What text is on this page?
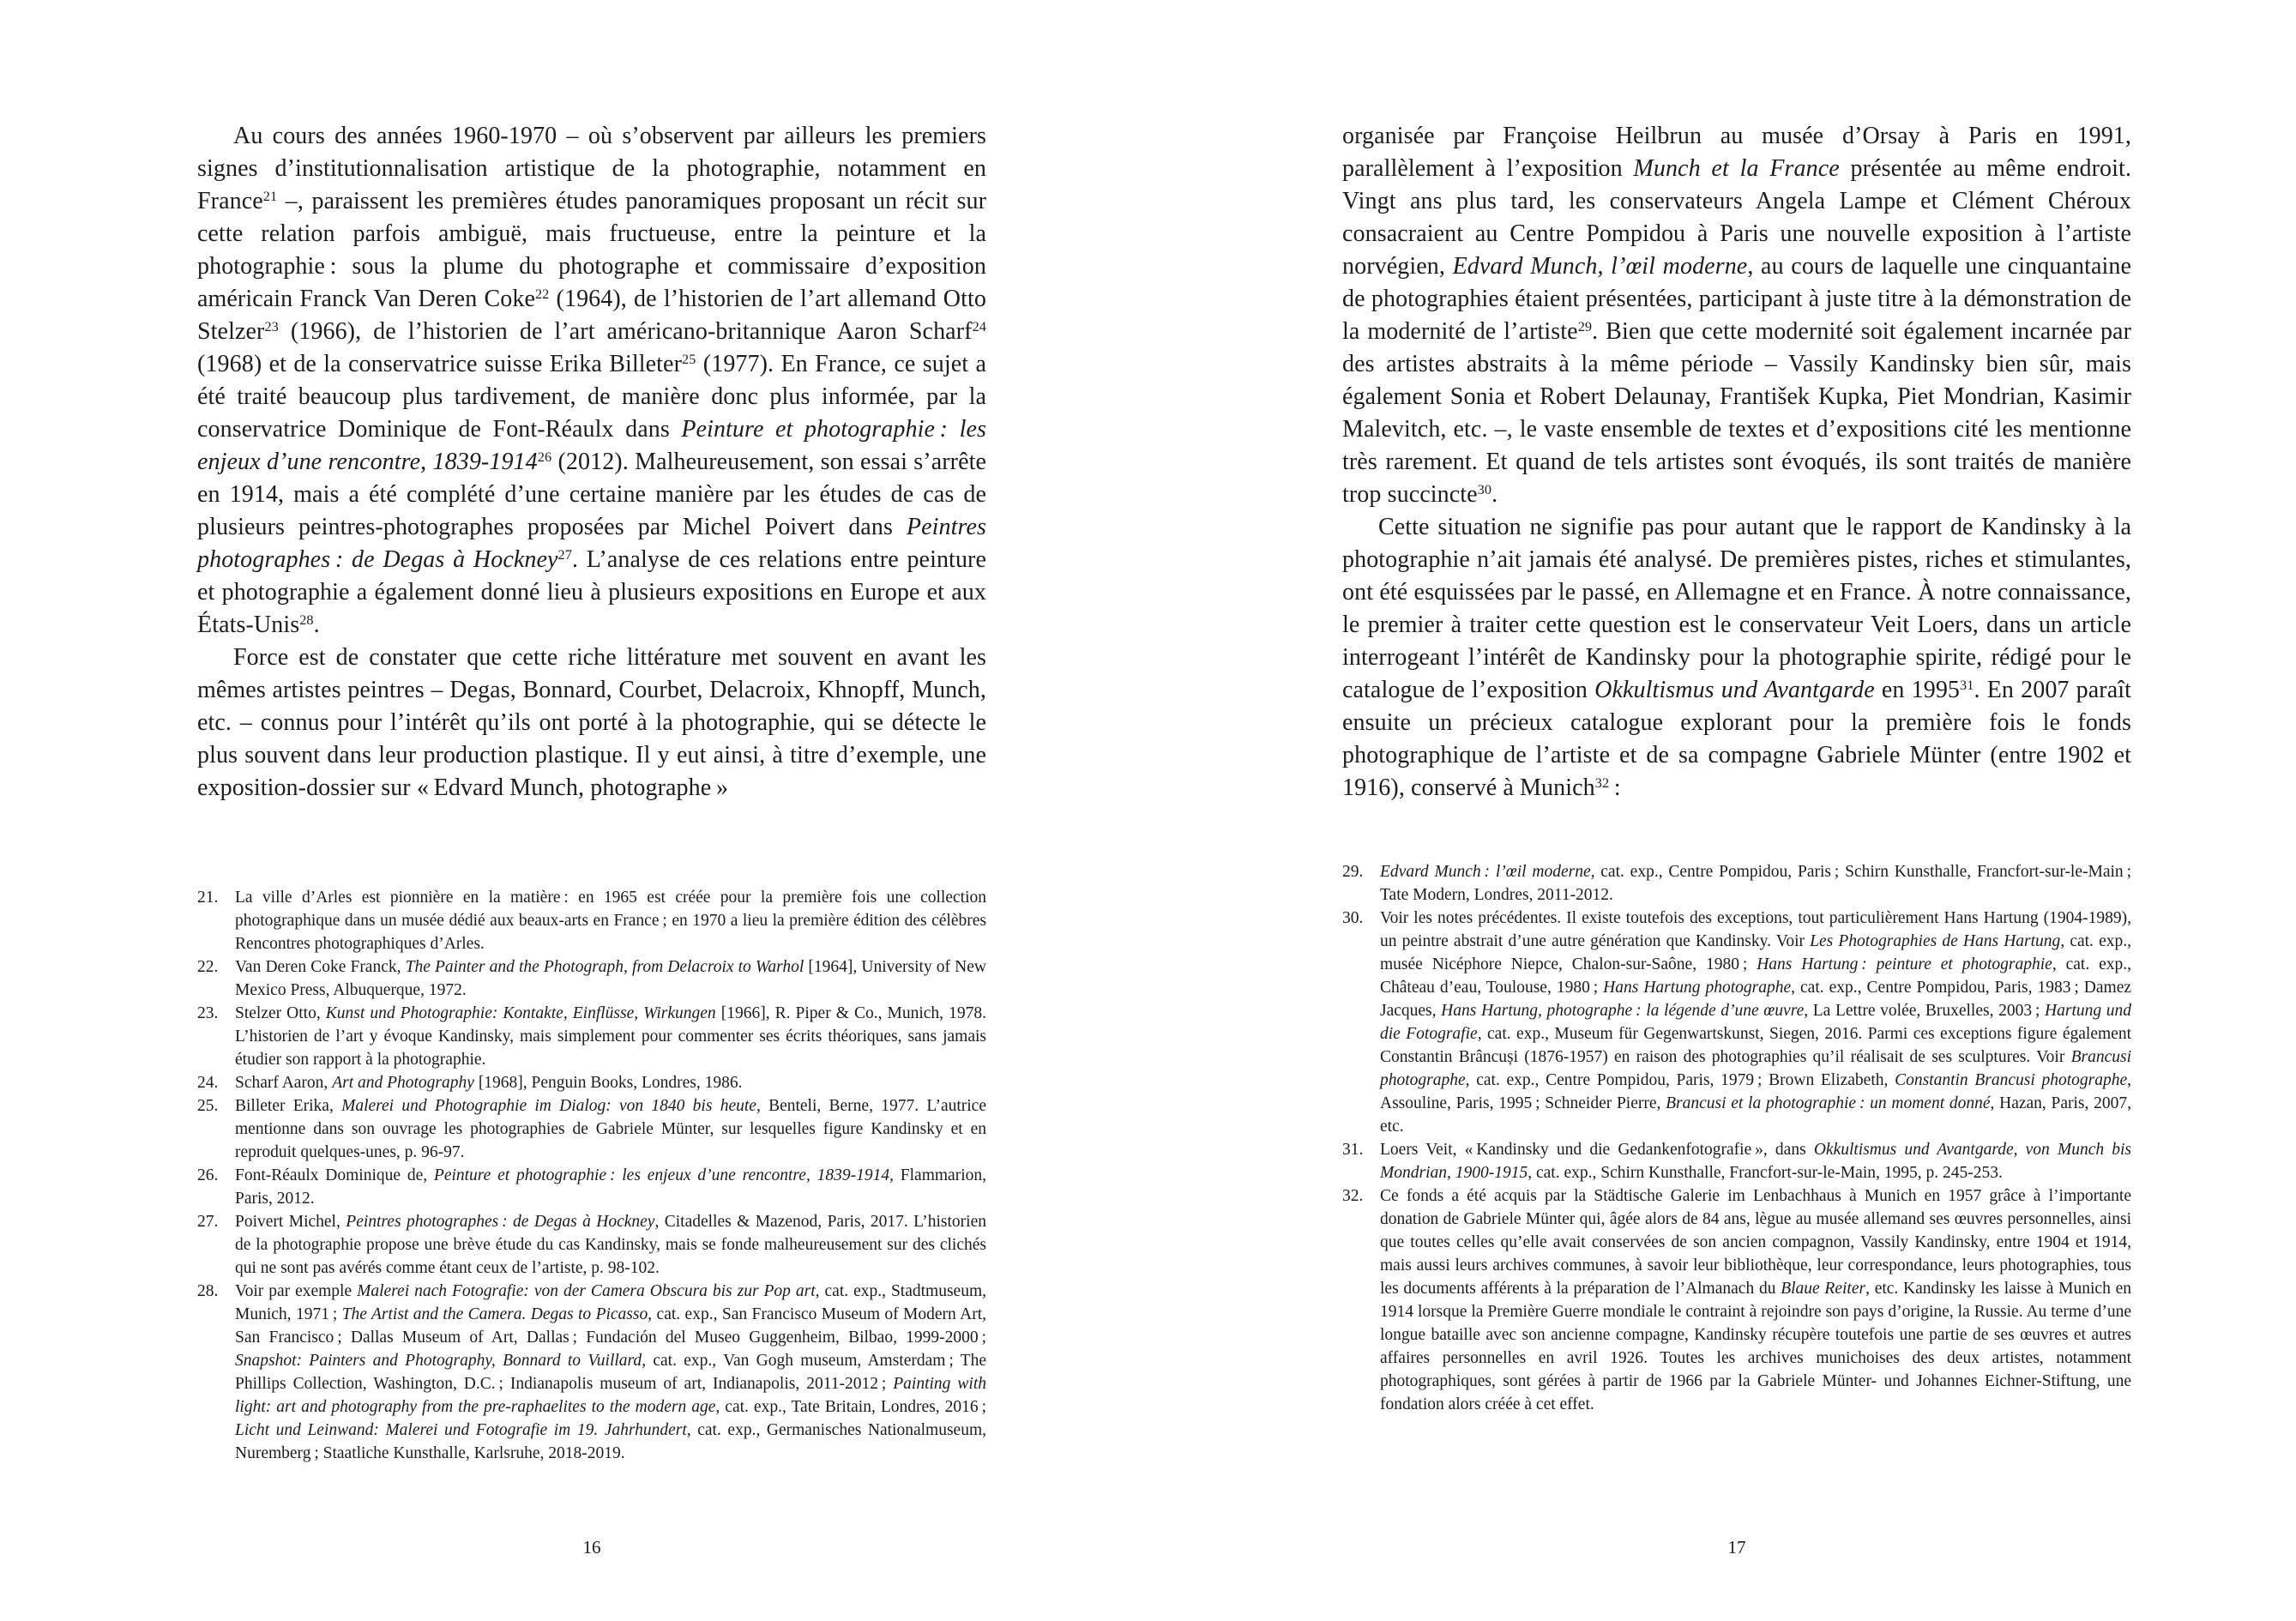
Au cours des années 1960-1970 – où s’observent par ailleurs les premiers signes d’institutionnalisation artistique de la photographie, notamment en France$^{21}$ –, paraissent les premières études panoramiques proposant un récit sur cette relation parfois ambiguë, mais fructueuse, entre la peinture et la photographie : sous la plume du photographe et commissaire d’exposition américain Franck Van Deren Coke$^{22}$ (1964), de l’historien de l’art allemand Otto Stelzer$^{23}$ (1966), de l’historien de l’art américano-britannique Aaron Scharf$^{24}$ (1968) et de la conservatrice suisse Erika Billeter$^{25}$ (1977). En France, ce sujet a été traité beaucoup plus tardivement, de manière donc plus informée, par la conservatrice Dominique de Font-Réaulx dans Peinture et photographie : les enjeux d’une rencontre, 1839-1914$^{26}$ (2012). Malheureusement, son essai s’arrête en 1914, mais a été complété d’une certaine manière par les études de cas de plusieurs peintres-photographes proposées par Michel Poivert dans Peintres photographes : de Degas à Hockney$^{27}$. L’analyse de ces relations entre peinture et photographie a également donné lieu à plusieurs expositions en Europe et aux États-Unis$^{28}$.

Force est de constater que cette riche littérature met souvent en avant les mêmes artistes peintres – Degas, Bonnard, Courbet, Delacroix, Khnopff, Munch, etc. – connus pour l’intérêt qu’ils ont porté à la photographie, qui se détecte le plus souvent dans leur production plastique. Il y eut ainsi, à titre d’exemple, une exposition-dossier sur « Edvard Munch, photographe »

21. La ville d’Arles est pionnière en la matière : en 1965 est créée pour la première fois une collection photographique dans un musée dédié aux beaux-arts en France ; en 1970 a lieu la première édition des célèbres Rencontres photographiques d’Arles.

22. Van Deren Coke Franck, The Painter and the Photograph, from Delacroix to Warhol [1964], University of New Mexico Press, Albuquerque, 1972.

23. Stelzer Otto, Kunst und Photographie: Kontakte, Einflüsse, Wirkungen [1966], R. Piper & Co., Munich, 1978. L’historien de l’art y évoque Kandinsky, mais simplement pour commenter ses écrits théoriques, sans jamais étudier son rapport à la photographie.

24. Scharf Aaron, Art and Photography [1968], Penguin Books, Londres, 1986.

25. Billeter Erika, Malerei und Photographie im Dialog: von 1840 bis heute, Benteli, Berne, 1977. L’autrice mentionne dans son ouvrage les photographies de Gabriele Münter, sur lesquelles figure Kandinsky et en reproduit quelques-unes, p. 96-97.

26. Font-Réaulx Dominique de, Peinture et photographie : les enjeux d’une rencontre, 1839-1914, Flammarion, Paris, 2012.

27. Poivert Michel, Peintres photographes : de Degas à Hockney, Citadelles & Mazenod, Paris, 2017. L’historien de la photographie propose une brève étude du cas Kandinsky, mais se fonde malheureusement sur des clichés qui ne sont pas avérés comme étant ceux de l’artiste, p. 98-102.

28. Voir par exemple Malerei nach Fotografie: von der Camera Obscura bis zur Pop art, cat. exp., Stadtmuseum, Munich, 1971 ; The Artist and the Camera. Degas to Picasso, cat. exp., San Francisco Museum of Modern Art, San Francisco ; Dallas Museum of Art, Dallas ; Fundación del Museo Guggenheim, Bilbao, 1999-2000 ; Snapshot: Painters and Photography, Bonnard to Vuillard, cat. exp., Van Gogh museum, Amsterdam ; The Phillips Collection, Washington, D.C. ; Indianapolis museum of art, Indianapolis, 2011-2012 ; Painting with light: art and photography from the pre-raphaelites to the modern age, cat. exp., Tate Britain, Londres, 2016 ; Licht und Leinwand: Malerei und Fotografie im 19. Jahrhundert, cat. exp., Germanisches Nationalmuseum, Nuremberg ; Staatliche Kunsthalle, Karlsruhe, 2018-2019.

16

organisée par Françoise Heilbrun au musée d’Orsay à Paris en 1991, parallèlement à l’exposition Munch et la France présentée au même endroit. Vingt ans plus tard, les conservateurs Angela Lampe et Clément Chéroux consacraient au Centre Pompidou à Paris une nouvelle exposition à l’artiste norvégien, Edvard Munch, l’œil moderne, au cours de laquelle une cinquantaine de photographies étaient présentées, participant à juste titre à la démonstration de la modernité de l’artiste$^{29}$. Bien que cette modernité soit également incarnée par des artistes abstraits à la même période – Vassily Kandinsky bien sûr, mais également Sonia et Robert Delaunay, František Kupka, Piet Mondrian, Kasimir Malevitch, etc. –, le vaste ensemble de textes et d’expositions cité les mentionne très rarement. Et quand de tels artistes sont évoqués, ils sont traités de manière trop succincte$^{30}$.

Cette situation ne signifie pas pour autant que le rapport de Kandinsky à la photographie n’ait jamais été analysé. De premières pistes, riches et stimulantes, ont été esquissées par le passé, en Allemagne et en France. À notre connaissance, le premier à traiter cette question est le conservateur Veit Loers, dans un article interrogeant l’intérêt de Kandinsky pour la photographie spirite, rédigé pour le catalogue de l’exposition Okkultismus und Avantgarde en 1995$^{31}$. En 2007 paraît ensuite un précieux catalogue explorant pour la première fois le fonds photographique de l’artiste et de sa compagne Gabriele Münter (entre 1902 et 1916), conservé à Munich$^{32}$ :

29. Edvard Munch : l’œil moderne, cat. exp., Centre Pompidou, Paris ; Schirn Kunsthalle, Francfort-sur-le-Main ; Tate Modern, Londres, 2011-2012.

30. Voir les notes précédentes. Il existe toutefois des exceptions, tout particulièrement Hans Hartung (1904-1989), un peintre abstrait d’une autre génération que Kandinsky. Voir Les Photographies de Hans Hartung, cat. exp., musée Nicéphore Niepce, Chalon-sur-Saône, 1980 ; Hans Hartung : peinture et photographie, cat. exp., Château d’eau, Toulouse, 1980 ; Hans Hartung photographe, cat. exp., Centre Pompidou, Paris, 1983 ; Damez Jacques, Hans Hartung, photographe : la légende d’une œuvre, La Lettre volée, Bruxelles, 2003 ; Hartung und die Fotografie, cat. exp., Museum für Gegenwartskunst, Siegen, 2016. Parmi ces exceptions figure également Constantin Brâncuși (1876-1957) en raison des photographies qu’il réalisait de ses sculptures. Voir Brancusi photographe, cat. exp., Centre Pompidou, Paris, 1979 ; Brown Elizabeth, Constantin Brancusi photographe, Assouline, Paris, 1995 ; Schneider Pierre, Brancusi et la photographie : un moment donné, Hazan, Paris, 2007, etc.

31. Loers Veit, « Kandinsky und die Gedankenfotografie », dans Okkultismus und Avantgarde, von Munch bis Mondrian, 1900-1915, cat. exp., Schirn Kunsthalle, Francfort-sur-le-Main, 1995, p. 245-253.

32. Ce fonds a été acquis par la Städtische Galerie im Lenbachhaus à Munich en 1957 grâce à l’importante donation de Gabriele Münter qui, âgée alors de 84 ans, lègue au musée allemand ses œuvres personnelles, ainsi que toutes celles qu’elle avait conservées de son ancien compagnon, Vassily Kandinsky, entre 1904 et 1914, mais aussi leurs archives communes, à savoir leur bibliothèque, leur correspondance, leurs photographies, tous les documents afférents à la préparation de l’Almanach du Blaue Reiter, etc. Kandinsky les laisse à Munich en 1914 lorsque la Première Guerre mondiale le contraint à rejoindre son pays d’origine, la Russie. Au terme d’une longue bataille avec son ancienne compagne, Kandinsky récupère toutefois une partie de ses œuvres et autres affaires personnelles en avril 1926. Toutes les archives munichoises des deux artistes, notamment photographiques, sont gérées à partir de 1966 par la Gabriele Münter- und Johannes Eichner-Stiftung, une fondation alors créée à cet effet.

17
